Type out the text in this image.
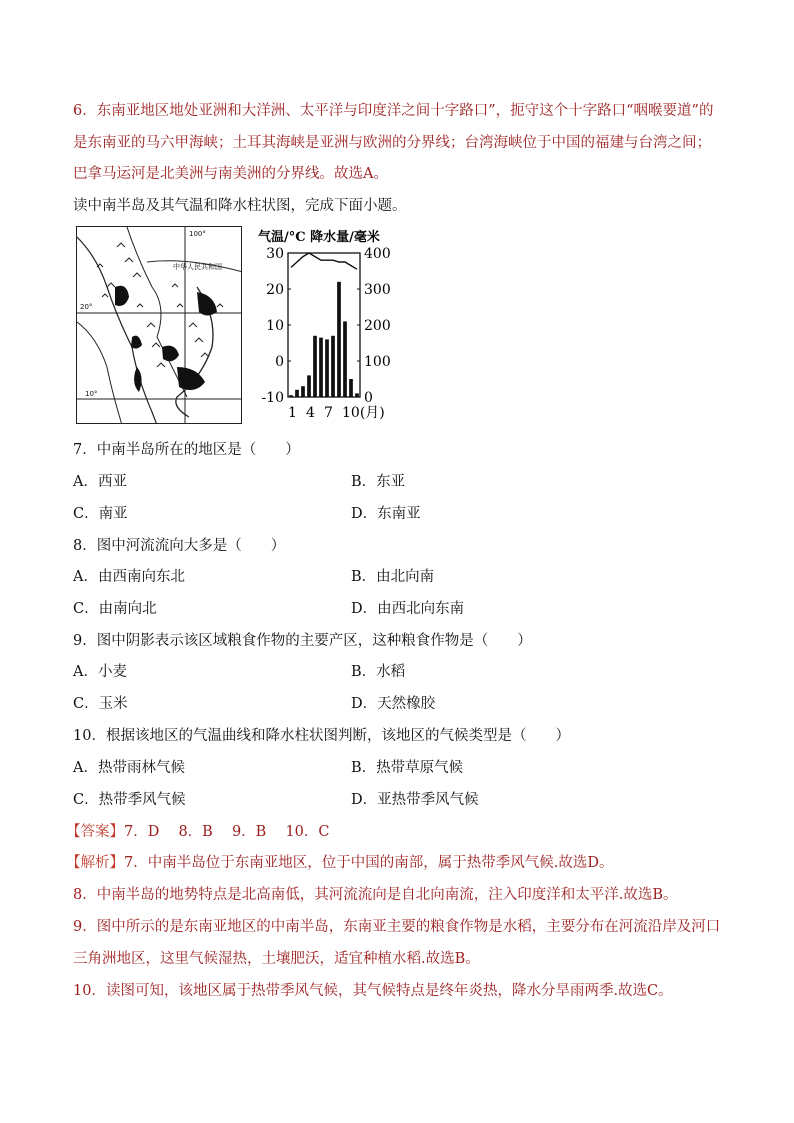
6．东南亚地区地处亚洲和大洋洲、太平洋与印度洋之间十字路口”，扼守这个十字路口“咽喉要道”的
是东南亚的马六甲海峡；土耳其海峡是亚洲与欧洲的分界线；台湾海峡位于中国的福建与台湾之间；
巴拿马运河是北美洲与南美洲的分界线。故选A。
读中南半岛及其气温和降水柱状图，完成下面小题。
中华人民共和国
100°
20°
10°
气温/°C 降水量/毫米
30
20
10
0
-10
400
300
200
100
0
1 4 7 10(月)
7．中南半岛所在的地区是（　　）
A．西亚	B．东亚
C．南亚	D．东南亚
8．图中河流流向大多是（　　）
A．由西南向东北	B．由北向南
C．由南向北	D．由西北向东南
9．图中阴影表示该区域粮食作物的主要产区，这种粮食作物是（　　）
A．小麦	B．水稻
C．玉米	D．天然橡胶
10．根据该地区的气温曲线和降水柱状图判断，该地区的气候类型是（　　）
A．热带雨林气候	B．热带草原气候
C．热带季风气候	D．亚热带季风气候
【答案】7．D　 8．B　 9．B　 10．C
【解析】7．中南半岛位于东南亚地区，位于中国的南部，属于热带季风气候.故选D。
8．中南半岛的地势特点是北高南低，其河流流向是自北向南流，注入印度洋和太平洋.故选B。
9．图中所示的是东南亚地区的中南半岛，东南亚主要的粮食作物是水稻，主要分布在河流沿岸及河口
三角洲地区，这里气候湿热，土壤肥沃，适宜种植水稻.故选B。
10．读图可知，该地区属于热带季风气候，其气候特点是终年炎热，降水分旱雨两季.故选C。
